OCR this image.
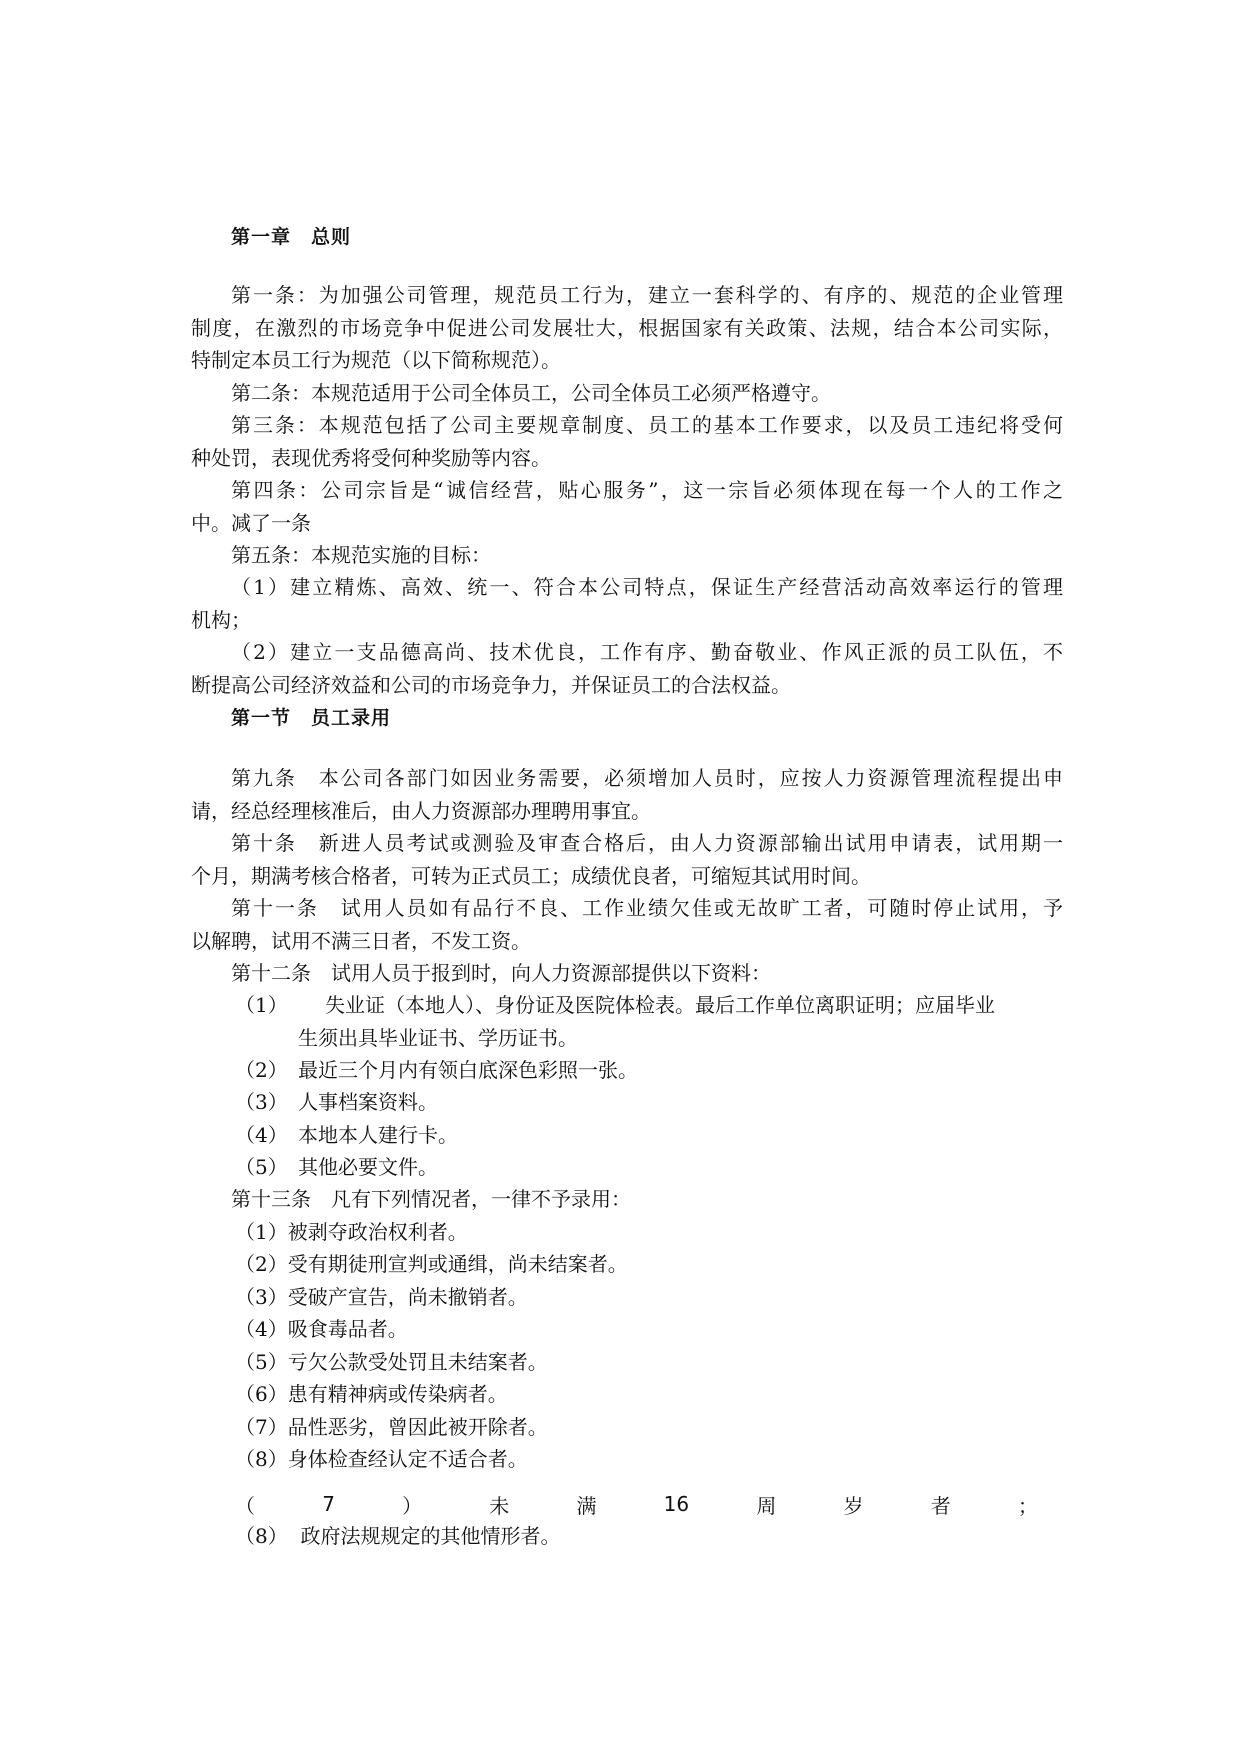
第一章　总则
第一条：为加强公司管理，规范员工行为，建立一套科学的、有序的、规范的企业管理
制度，在激烈的市场竞争中促进公司发展壮大，根据国家有关政策、法规，结合本公司实际，
特制定本员工行为规范（以下简称规范）。
第二条：本规范适用于公司全体员工，公司全体员工必须严格遵守。
第三条：本规范包括了公司主要规章制度、员工的基本工作要求，以及员工违纪将受何
种处罚，表现优秀将受何种奖励等内容。
第四条：公司宗旨是“诚信经营，贴心服务”，这一宗旨必须体现在每一个人的工作之
中。减了一条
第五条：本规范实施的目标：
（1）建立精炼、高效、统一、符合本公司特点，保证生产经营活动高效率运行的管理
机构；
（2）建立一支品德高尚、技术优良，工作有序、勤奋敬业、作风正派的员工队伍，不
断提高公司经济效益和公司的市场竞争力，并保证员工的合法权益。
第一节　员工录用
第九条　本公司各部门如因业务需要，必须增加人员时，应按人力资源管理流程提出申
请，经总经理核准后，由人力资源部办理聘用事宜。
第十条　新进人员考试或测验及审查合格后，由人力资源部输出试用申请表，试用期一
个月，期满考核合格者，可转为正式员工；成绩优良者，可缩短其试用时间。
第十一条　试用人员如有品行不良、工作业绩欠佳或无故旷工者，可随时停止试用，予
以解聘，试用不满三日者，不发工资。
第十二条　试用人员于报到时，向人力资源部提供以下资料：
（1） 失业证（本地人）、身份证及医院体检表。最后工作单位离职证明；应届毕业
生须出具毕业证书、学历证书。
（2） 最近三个月内有领白底深色彩照一张。
（3） 人事档案资料。
（4） 本地本人建行卡。
（5） 其他必要文件。
第十三条　凡有下列情况者，一律不予录用：
（1）被剥夺政治权利者。
（2）受有期徒刑宣判或通缉，尚未结案者。
（3）受破产宣告，尚未撤销者。
（4）吸食毒品者。
（5）亏欠公款受处罚且未结案者。
（6）患有精神病或传染病者。
（7）品性恶劣，曾因此被开除者。
（8）身体检查经认定不适合者。
（	7	）	未	满	16	周	岁	者	；
（8）  政府法规规定的其他情形者。
